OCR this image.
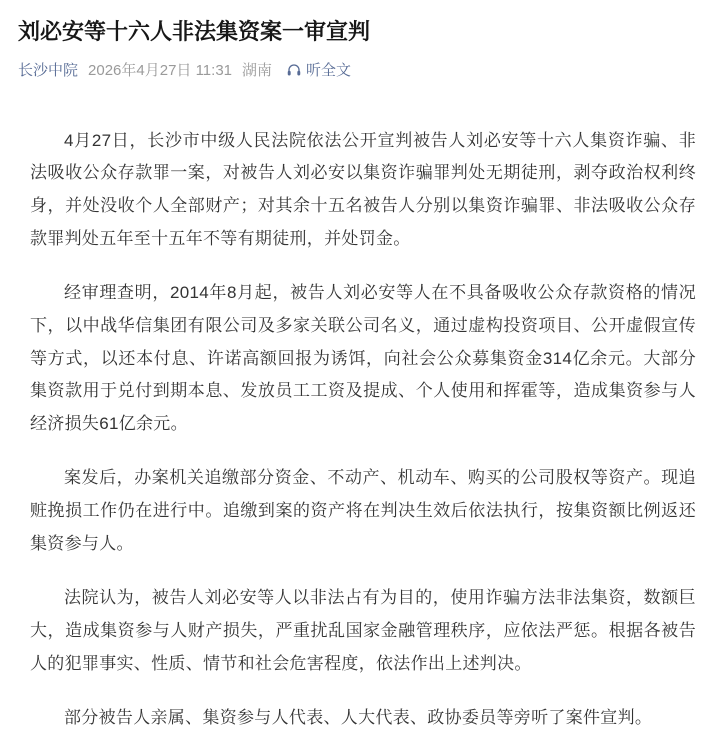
刘必安等十六人非法集资案一审宣判
长沙中院 2026年4月27日 11:31 湖南 听全文

4月27日，长沙市中级人民法院依法公开宣判被告人刘必安等十六人集资诈骗、非法吸收公众存款罪一案，对被告人刘必安以集资诈骗罪判处无期徒刑，剥夺政治权利终身，并处没收个人全部财产；对其余十五名被告人分别以集资诈骗罪、非法吸收公众存款罪判处五年至十五年不等有期徒刑，并处罚金。

经审理查明，2014年8月起，被告人刘必安等人在不具备吸收公众存款资格的情况下，以中战华信集团有限公司及多家关联公司名义，通过虚构投资项目、公开虚假宣传等方式，以还本付息、许诺高额回报为诱饵，向社会公众募集资金314亿余元。大部分集资款用于兑付到期本息、发放员工工资及提成、个人使用和挥霍等，造成集资参与人经济损失61亿余元。

案发后，办案机关追缴部分资金、不动产、机动车、购买的公司股权等资产。现追赃挽损工作仍在进行中。追缴到案的资产将在判决生效后依法执行，按集资额比例返还集资参与人。

法院认为，被告人刘必安等人以非法占有为目的，使用诈骗方法非法集资，数额巨大，造成集资参与人财产损失，严重扰乱国家金融管理秩序，应依法严惩。根据各被告人的犯罪事实、性质、情节和社会危害程度，依法作出上述判决。

部分被告人亲属、集资参与人代表、人大代表、政协委员等旁听了案件宣判。
